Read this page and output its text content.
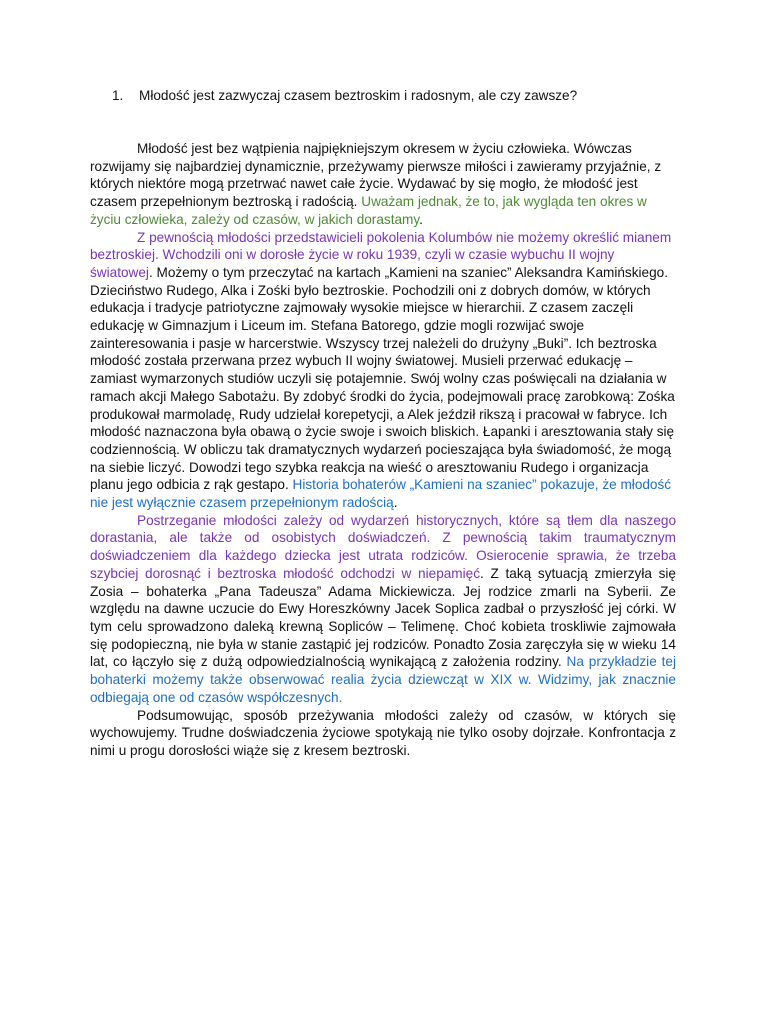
1. Młodość jest zazwyczaj czasem beztroskim i radosnym, ale czy zawsze?

Młodość jest bez wątpienia najpiękniejszym okresem w życiu człowieka. Wówczas rozwijamy się najbardziej dynamicznie, przeżywamy pierwsze miłości i zawieramy przyjaźnie, z których niektóre mogą przetrwać nawet całe życie. Wydawać by się mogło, że młodość jest czasem przepełnionym beztroską i radością. Uważam jednak, że to, jak wygląda ten okres w życiu człowieka, zależy od czasów, w jakich dorastamy.

Z pewnością młodości przedstawicieli pokolenia Kolumbów nie możemy określić mianem beztroskiej. Wchodzili oni w dorosłe życie w roku 1939, czyli w czasie wybuchu II wojny światowej. Możemy o tym przeczytać na kartach „Kamieni na szaniec” Aleksandra Kamińskiego. Dzieciństwo Rudego, Alka i Zośki było beztroskie. Pochodzili oni z dobrych domów, w których edukacja i tradycje patriotyczne zajmowały wysokie miejsce w hierarchii. Z czasem zaczęli edukację w Gimnazjum i Liceum im. Stefana Batorego, gdzie mogli rozwijać swoje zainteresowania i pasje w harcerstwie. Wszyscy trzej należeli do drużyny „Buki”. Ich beztroska młodość została przerwana przez wybuch II wojny światowej. Musieli przerwać edukację – zamiast wymarzonych studiów uczyli się potajemnie. Swój wolny czas poświęcali na działania w ramach akcji Małego Sabotażu. By zdobyć środki do życia, podejmowali pracę zarobkową: Zośka produkował marmoladę, Rudy udzielał korepetycji, a Alek jeździł rikszą i pracował w fabryce. Ich młodość naznaczona była obawą o życie swoje i swoich bliskich. Łapanki i aresztowania stały się codziennością. W obliczu tak dramatycznych wydarzeń pocieszająca była świadomość, że mogą na siebie liczyć. Dowodzi tego szybka reakcja na wieść o aresztowaniu Rudego i organizacja planu jego odbicia z rąk gestapo. Historia bohaterów „Kamieni na szaniec” pokazuje, że młodość nie jest wyłącznie czasem przepełnionym radością.

Postrzeganie młodości zależy od wydarzeń historycznych, które są tłem dla naszego dorastania, ale także od osobistych doświadczeń. Z pewnością takim traumatycznym doświadczeniem dla każdego dziecka jest utrata rodziców. Osierocenie sprawia, że trzeba szybciej dorosnąć i beztroska młodość odchodzi w niepamięć. Z taką sytuacją zmierzyła się Zosia – bohaterka „Pana Tadeusza” Adama Mickiewicza. Jej rodzice zmarli na Syberii. Ze względu na dawne uczucie do Ewy Horeszkówny Jacek Soplica zadbał o przyszłość jej córki. W tym celu sprowadzono daleką krewną Sopliców – Telimenę. Choć kobieta troskliwie zajmowała się podopieczną, nie była w stanie zastąpić jej rodziców. Ponadto Zosia zaręczyła się w wieku 14 lat, co łączyło się z dużą odpowiedzialnością wynikającą z założenia rodziny. Na przykładzie tej bohaterki możemy także obserwować realia życia dziewcząt w XIX w. Widzimy, jak znacznie odbiegają one od czasów współczesnych.

Podsumowując, sposób przeżywania młodości zależy od czasów, w których się wychowujemy. Trudne doświadczenia życiowe spotykają nie tylko osoby dojrzałe. Konfrontacja z nimi u progu dorosłości wiąże się z kresem beztroski.
